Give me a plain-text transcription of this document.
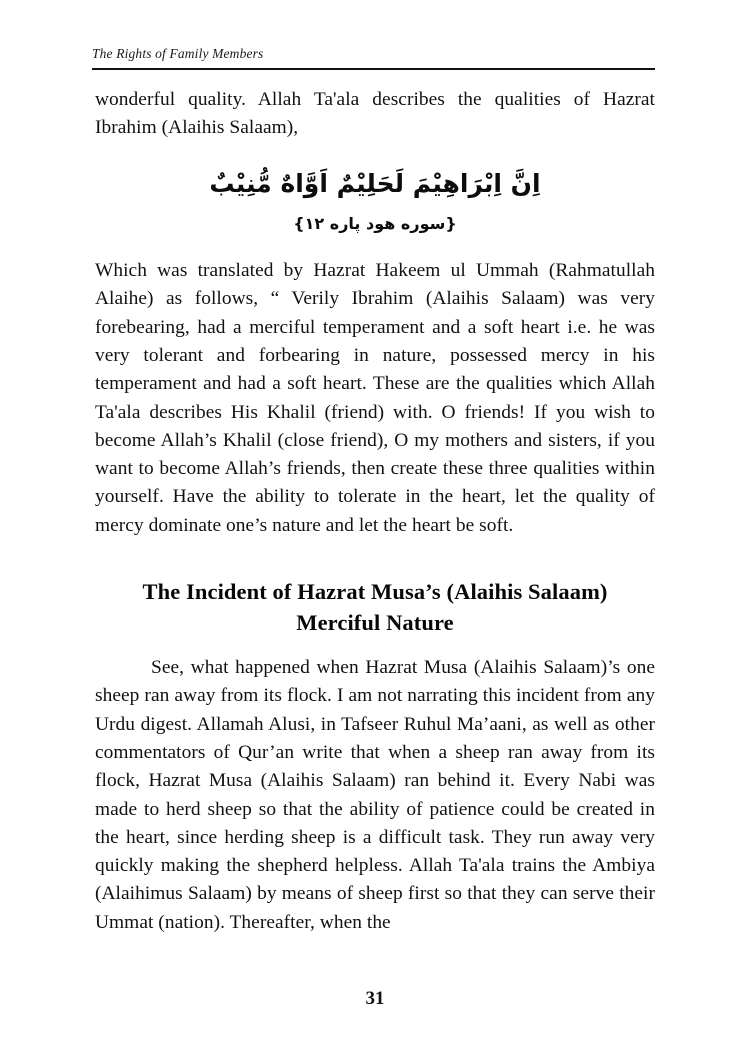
The Rights of Family Members

wonderful quality. Allah Ta'ala describes the qualities of Hazrat Ibrahim (Alaihis Salaam),

اِنَّ اِبْرَاهِيْمَ لَحَلِيْمٌ اَوَّاهٌ مُّنِيْبٌ
{سوره هود پاره ۱۲}

Which was translated by Hazrat Hakeem ul Ummah (Rahmatullah Alaihe) as follows, “ Verily Ibrahim (Alaihis Salaam) was very forebearing, had a merciful temperament and a soft heart i.e. he was very tolerant and forbearing in nature, possessed mercy in his temperament and had a soft heart. These are the qualities which Allah Ta'ala describes His Khalil (friend) with. O friends! If you wish to become Allah’s Khalil (close friend), O my mothers and sisters, if you want to become Allah’s friends, then create these three qualities within yourself. Have the ability to tolerate in the heart, let the quality of mercy dominate one’s nature and let the heart be soft.

The Incident of Hazrat Musa’s (Alaihis Salaam)
Merciful Nature

See, what happened when Hazrat Musa (Alaihis Salaam)’s one sheep ran away from its flock. I am not narrating this incident from any Urdu digest. Allamah Alusi, in Tafseer Ruhul Ma’aani, as well as other commentators of Qur’an write that when a sheep ran away from its flock, Hazrat Musa (Alaihis Salaam) ran behind it. Every Nabi was made to herd sheep so that the ability of patience could be created in the heart, since herding sheep is a difficult task. They run away very quickly making the shepherd helpless. Allah Ta'ala trains the Ambiya (Alaihimus Salaam) by means of sheep first so that they can serve their Ummat (nation). Thereafter, when the

31
